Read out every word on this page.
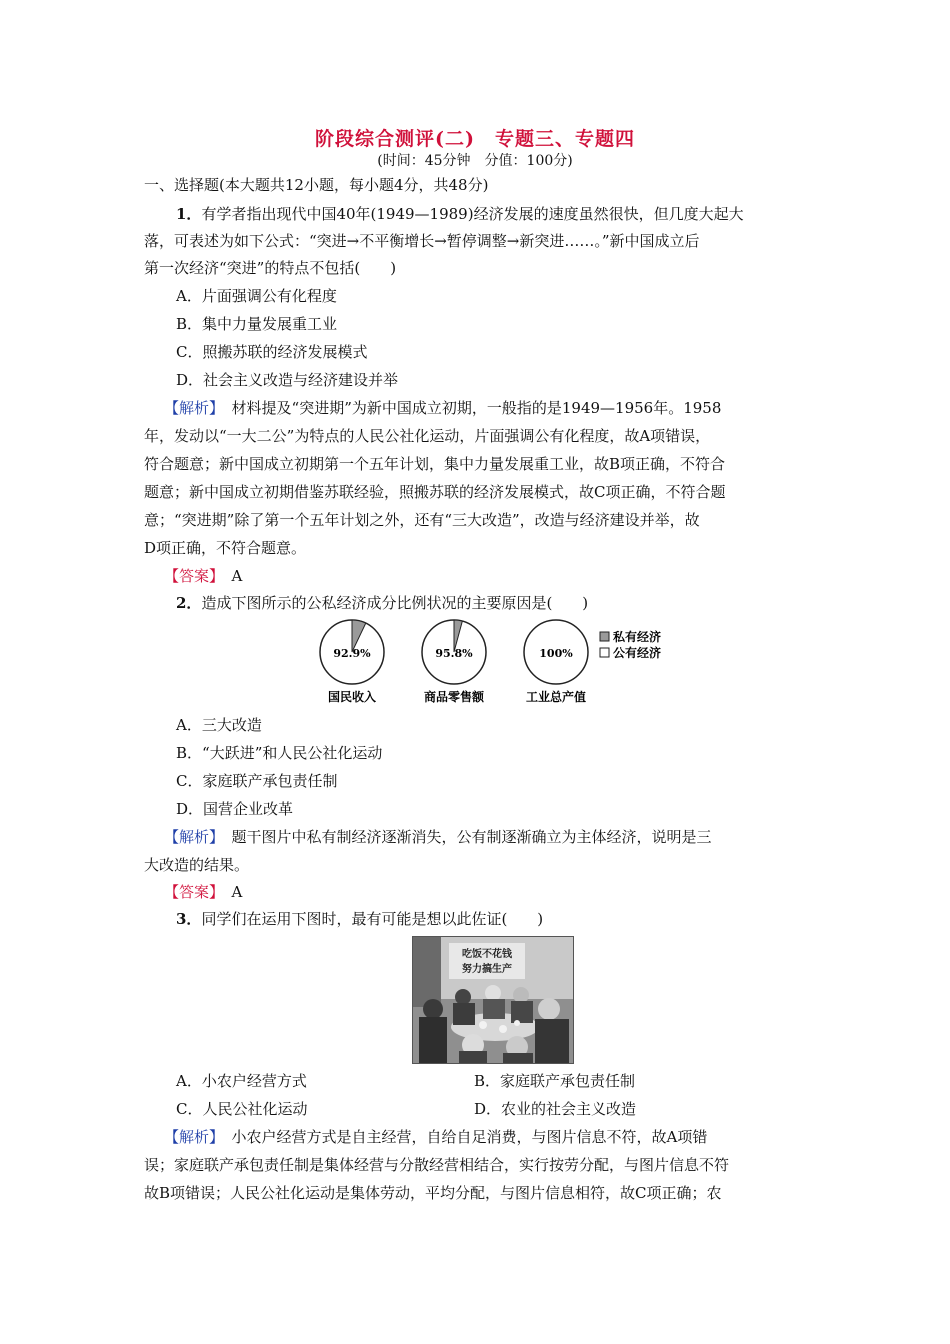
阶段综合测评(二)　专题三、专题四
(时间：45分钟　分值：100分)
一、选择题(本大题共12小题，每小题4分，共48分)
1．有学者指出现代中国40年(1949—1989)经济发展的速度虽然很快，但几度大起大
落，可表述为如下公式：“突进→不平衡增长→暂停调整→新突进……。”新中国成立后
第一次经济“突进”的特点不包括(　　)
A．片面强调公有化程度
B．集中力量发展重工业
C．照搬苏联的经济发展模式
D．社会主义改造与经济建设并举
【解析】　 材料提及“突进期”为新中国成立初期，一般指的是1949—1956年。1958
年，发动以“一大二公”为特点的人民公社化运动，片面强调公有化程度，故A项错误，
符合题意；新中国成立初期第一个五年计划，集中力量发展重工业，故B项正确，不符合
题意；新中国成立初期借鉴苏联经验，照搬苏联的经济发展模式，故C项正确，不符合题
意；“突进期”除了第一个五年计划之外，还有“三大改造”，改造与经济建设并举，故
D项正确，不符合题意。
【答案】　 A
2．造成下图所示的公私经济成分比例状况的主要原因是(　　)
92.9%
国民收入
95.8%
商品零售额
100%
工业总产值
私有经济
公有经济
A．三大改造
B．“大跃进”和人民公社化运动
C．家庭联产承包责任制
D．国营企业改革
【解析】　 题干图片中私有制经济逐渐消失，公有制逐渐确立为主体经济，说明是三
大改造的结果。
【答案】　 A
3．同学们在运用下图时，最有可能是想以此佐证(　　)
吃饭不花钱
努力搞生产
A．小农户经营方式	B．家庭联产承包责任制
C．人民公社化运动	D．农业的社会主义改造
【解析】　 小农户经营方式是自主经营，自给自足消费，与图片信息不符，故A项错
误；家庭联产承包责任制是集体经营与分散经营相结合，实行按劳分配，与图片信息不符
故B项错误；人民公社化运动是集体劳动，平均分配，与图片信息相符，故C项正确；农
